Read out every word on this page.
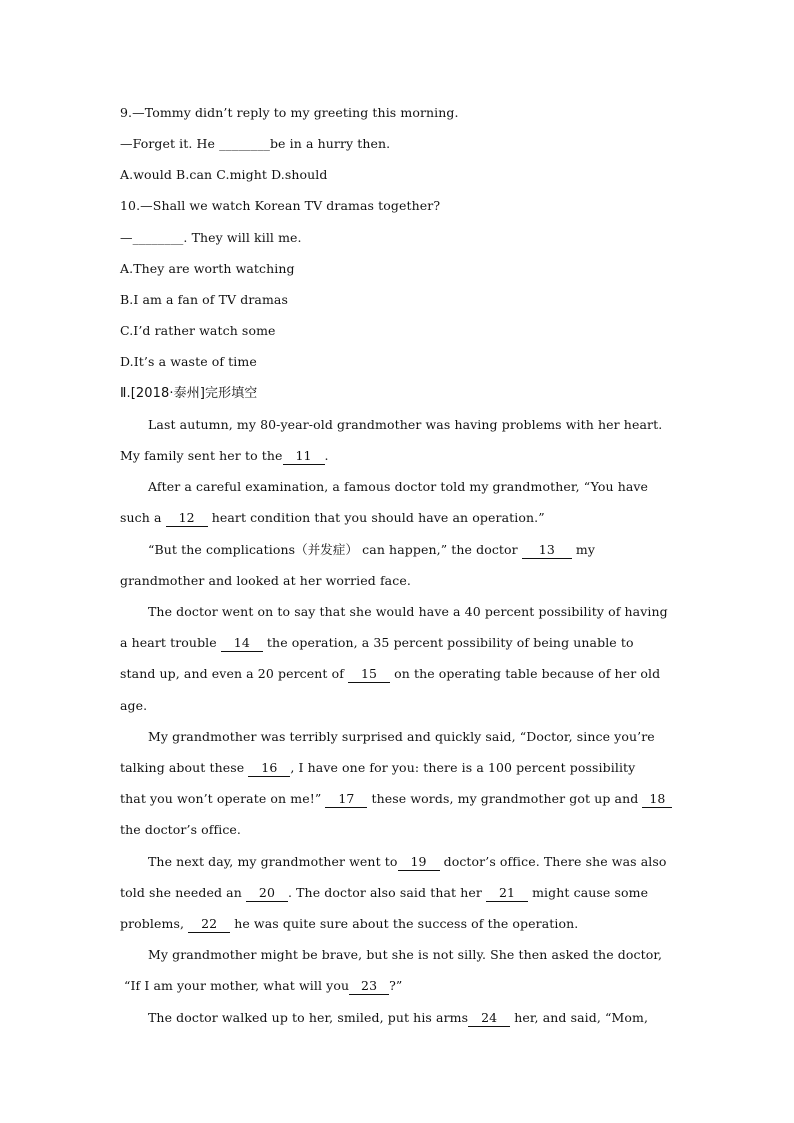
9.—Tommy didn’t reply to my greeting this morning.
—Forget it. He ________be in a hurry then.
A.would B.can C.might D.should
10.—Shall we watch Korean TV dramas together?
—________. They will kill me.
A.They are worth watching
B.I am a fan of TV dramas
C.I’d rather watch some
D.It’s a waste of time
Ⅱ.[2018·泰州]完形填空
Last autumn, my 80-year-old grandmother was having problems with her heart.
My family sent her to the 11 .
After a careful examination, a famous doctor told my grandmother, “You have
such a 12 heart condition that you should have an operation.”
“But the complications（并发症） can happen,” the doctor 13 my
grandmother and looked at her worried face.
The doctor went on to say that she would have a 40 percent possibility of having
a heart trouble 14 the operation, a 35 percent possibility of being unable to
stand up, and even a 20 percent of 15 on the operating table because of her old
age.
My grandmother was terribly surprised and quickly said, “Doctor, since you’re
talking about these 16 , I have one for you: there is a 100 percent possibility
that you won’t operate on me!” 17 these words, my grandmother got up and 18
the doctor’s office.
The next day, my grandmother went to 19 doctor’s office. There she was also
told she needed an 20 . The doctor also said that her 21 might cause some
problems, 22 he was quite sure about the success of the operation.
My grandmother might be brave, but she is not silly. She then asked the doctor,
“If I am your mother, what will you 23 ?”
The doctor walked up to her, smiled, put his arms 24 her, and said, “Mom,
